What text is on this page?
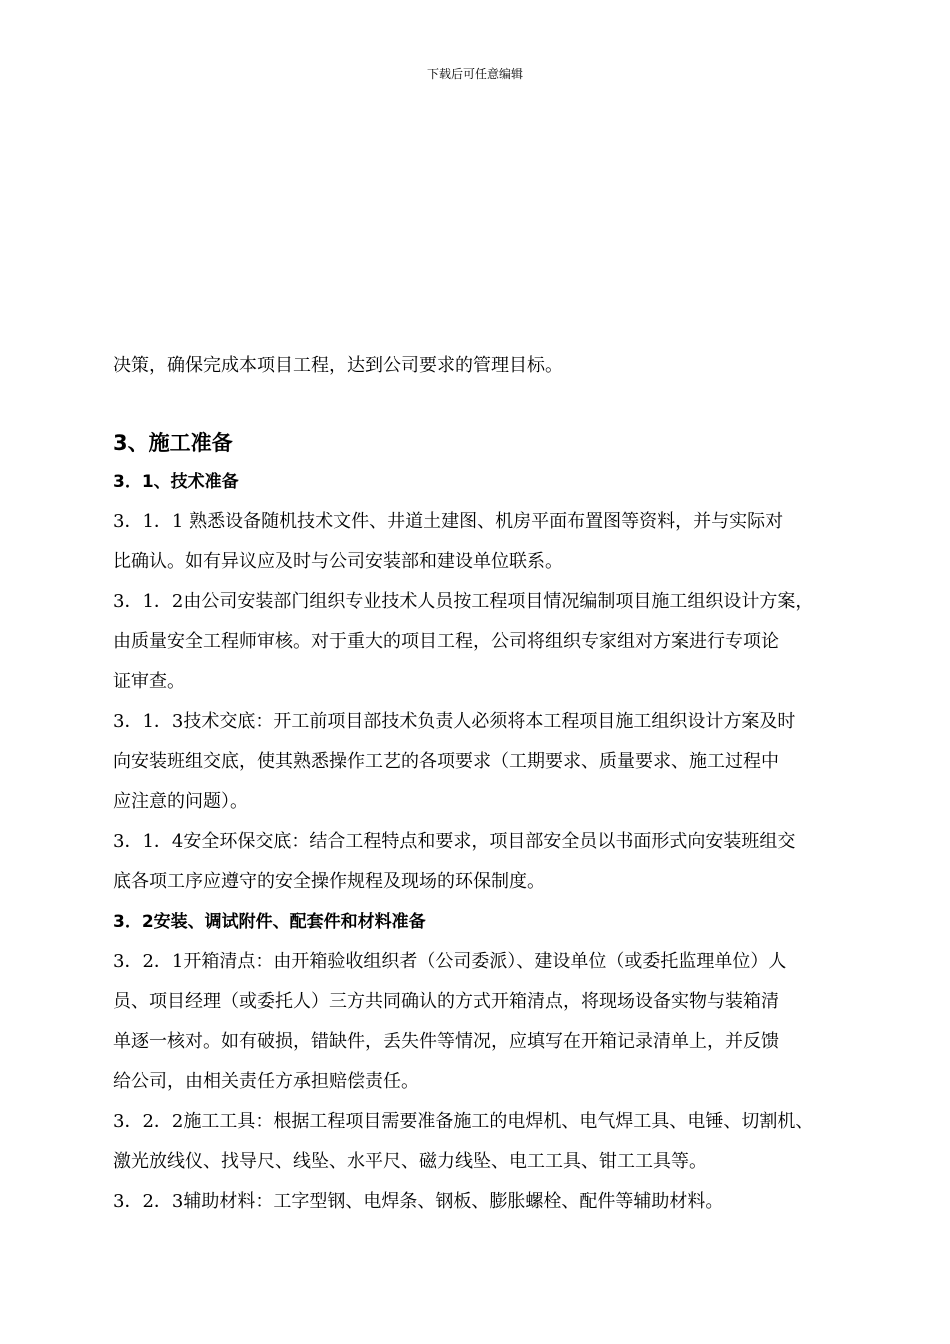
下载后可任意编辑
决策，确保完成本项目工程，达到公司要求的管理目标。
3、施工准备
3．1、技术准备
3．1．1 熟悉设备随机技术文件、井道土建图、机房平面布置图等资料，并与实际对
比确认。如有异议应及时与公司安装部和建设单位联系。
3．1．2由公司安装部门组织专业技术人员按工程项目情况编制项目施工组织设计方案，
由质量安全工程师审核。对于重大的项目工程，公司将组织专家组对方案进行专项论
证审查。
3．1．3技术交底：开工前项目部技术负责人必须将本工程项目施工组织设计方案及时
向安装班组交底，使其熟悉操作工艺的各项要求（工期要求、质量要求、施工过程中
应注意的问题）。
3．1．4安全环保交底：结合工程特点和要求，项目部安全员以书面形式向安装班组交
底各项工序应遵守的安全操作规程及现场的环保制度。
3．2安装、调试附件、配套件和材料准备
3．2．1开箱清点：由开箱验收组织者（公司委派）、建设单位（或委托监理单位）人
员、项目经理（或委托人）三方共同确认的方式开箱清点，将现场设备实物与装箱清
单逐一核对。如有破损，错缺件，丢失件等情况，应填写在开箱记录清单上，并反馈
给公司，由相关责任方承担赔偿责任。
3．2．2施工工具：根据工程项目需要准备施工的电焊机、电气焊工具、电锤、切割机、
激光放线仪、找导尺、线坠、水平尺、磁力线坠、电工工具、钳工工具等。
3．2．3辅助材料：工字型钢、电焊条、钢板、膨胀螺栓、配件等辅助材料。
